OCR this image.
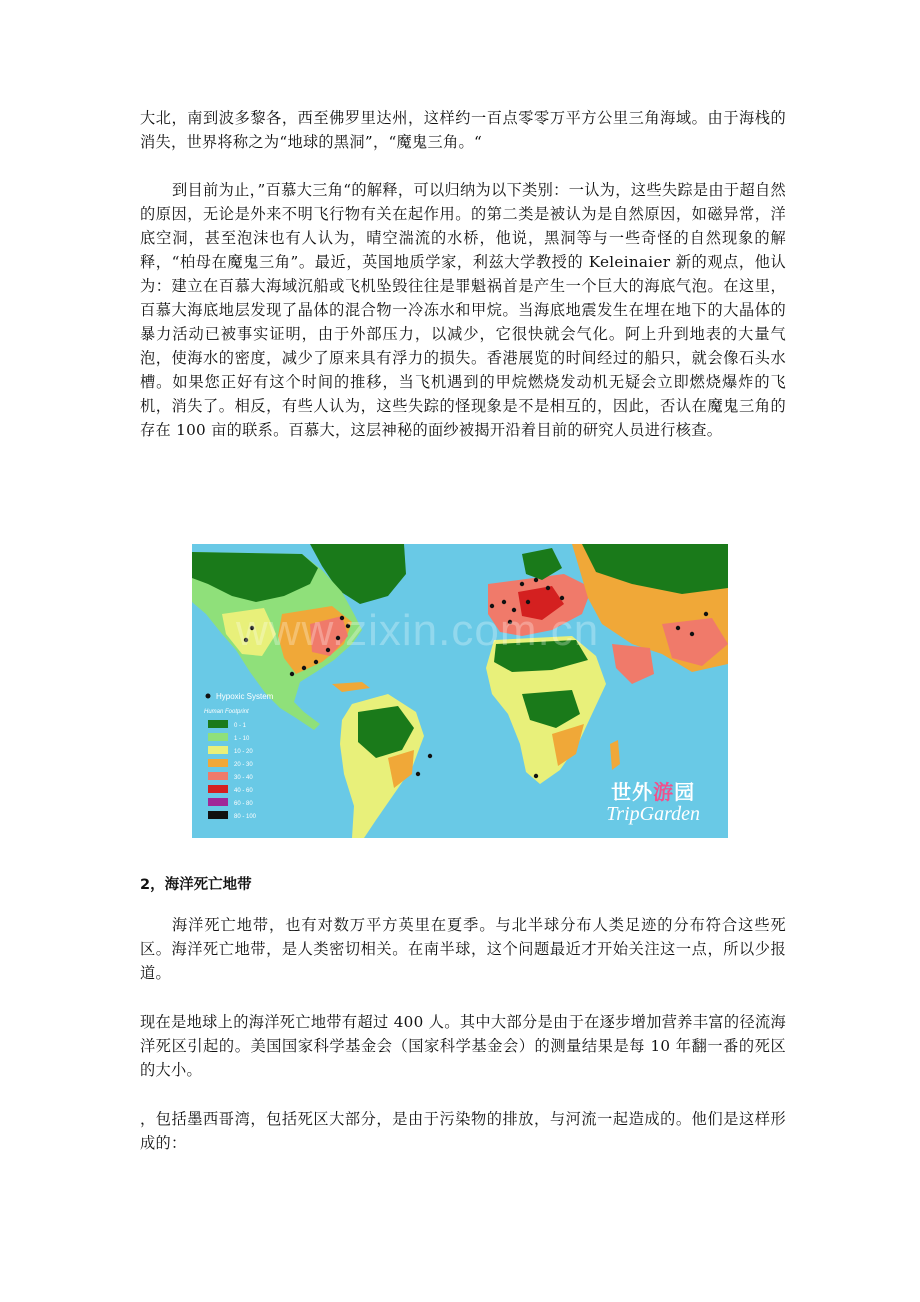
大北，南到波多黎各，西至佛罗里达州，这样约一百点零零万平方公里三角海域。由于海栈的消失，世界将称之为“地球的黑洞”，“魔鬼三角。“

到目前为止，”百慕大三角“的解释，可以归纳为以下类别：一认为，这些失踪是由于超自然的原因，无论是外来不明飞行物有关在起作用。的第二类是被认为是自然原因，如磁异常，洋底空洞，甚至泡沫也有人认为，晴空湍流的水桥，他说，黑洞等与一些奇怪的自然现象的解释，“柏母在魔鬼三角”。最近，英国地质学家，利兹大学教授的 Keleinaier 新的观点，他认为：建立在百慕大海域沉船或飞机坠毁往往是罪魁祸首是产生一个巨大的海底气泡。在这里，百慕大海底地层发现了晶体的混合物一冷冻水和甲烷。当海底地震发生在埋在地下的大晶体的暴力活动已被事实证明，由于外部压力，以减少，它很快就会气化。阿上升到地表的大量气泡，使海水的密度，减少了原来具有浮力的损失。香港展览的时间经过的船只，就会像石头水槽。如果您正好有这个时间的推移，当飞机遇到的甲烷燃烧发动机无疑会立即燃烧爆炸的飞机，消失了。相反，有些人认为，这些失踪的怪现象是不是相互的，因此，否认在魔鬼三角的存在 100 亩的联系。百慕大，这层神秘的面纱被揭开沿着目前的研究人员进行核查。

Hypoxic System
Human Footprint
0 - 1
1 - 10
10 - 20
20 - 30
30 - 40
40 - 60
60 - 80
80 - 100
www.zixin.com.cn
世外游园
TripGarden

2，海洋死亡地带

海洋死亡地带，也有对数万平方英里在夏季。与北半球分布人类足迹的分布符合这些死区。海洋死亡地带，是人类密切相关。在南半球，这个问题最近才开始关注这一点，所以少报道。

现在是地球上的海洋死亡地带有超过 400 人。其中大部分是由于在逐步增加营养丰富的径流海洋死区引起的。美国国家科学基金会（国家科学基金会）的测量结果是每 10 年翻一番的死区的大小。

，包括墨西哥湾，包括死区大部分，是由于污染物的排放，与河流一起造成的。他们是这样形成的：
